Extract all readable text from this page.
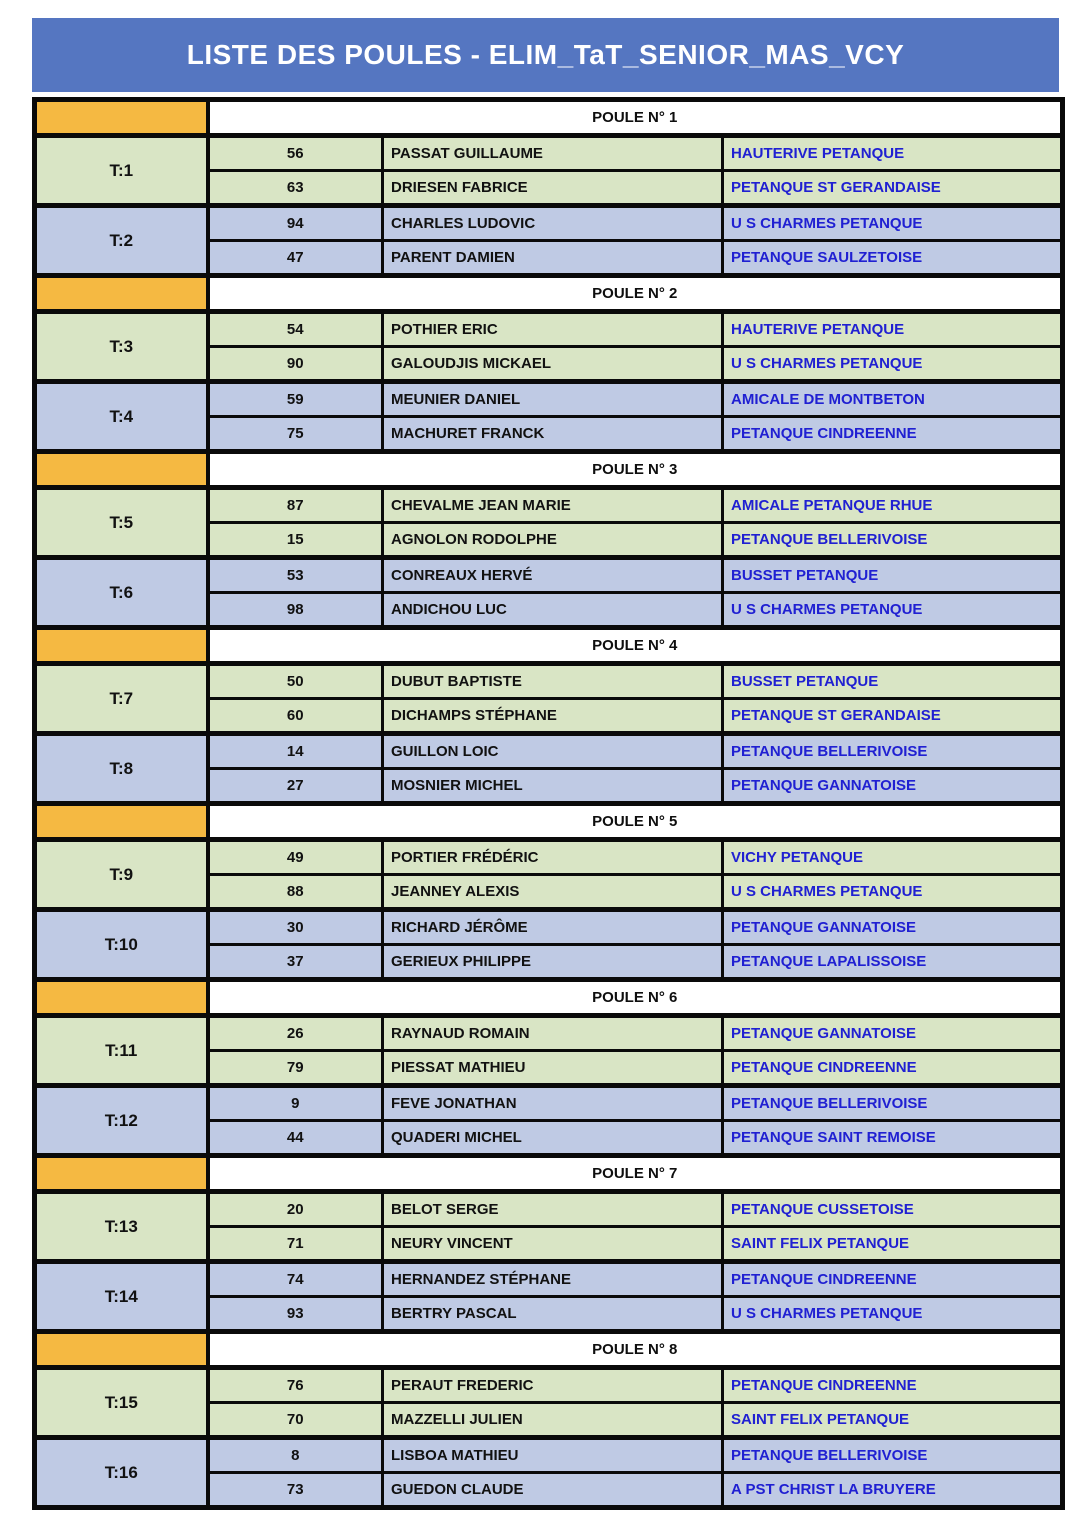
LISTE DES POULES - ELIM_TaT_SENIOR_MAS_VCY
	POULE N° 1		
T:1	56	PASSAT GUILLAUME	HAUTERIVE PETANQUE
	63	DRIESEN FABRICE	PETANQUE ST GERANDAISE
T:2	94	CHARLES LUDOVIC	U S CHARMES PETANQUE
	47	PARENT DAMIEN	PETANQUE SAULZETOISE
	POULE N° 2		
T:3	54	POTHIER ERIC	HAUTERIVE PETANQUE
	90	GALOUDJIS MICKAEL	U S CHARMES PETANQUE
T:4	59	MEUNIER DANIEL	AMICALE DE MONTBETON
	75	MACHURET FRANCK	PETANQUE CINDREENNE
	POULE N° 3		
T:5	87	CHEVALME JEAN MARIE	AMICALE PETANQUE RHUE
	15	AGNOLON RODOLPHE	PETANQUE BELLERIVOISE
T:6	53	CONREAUX HERVÉ	BUSSET PETANQUE
	98	ANDICHOU LUC	U S CHARMES PETANQUE
	POULE N° 4		
T:7	50	DUBUT BAPTISTE	BUSSET PETANQUE
	60	DICHAMPS STÉPHANE	PETANQUE ST GERANDAISE
T:8	14	GUILLON LOIC	PETANQUE BELLERIVOISE
	27	MOSNIER MICHEL	PETANQUE GANNATOISE
	POULE N° 5		
T:9	49	PORTIER FRÉDÉRIC	VICHY PETANQUE
	88	JEANNEY ALEXIS	U S CHARMES PETANQUE
T:10	30	RICHARD JÉRÔME	PETANQUE GANNATOISE
	37	GERIEUX PHILIPPE	PETANQUE LAPALISSOISE
	POULE N° 6		
T:11	26	RAYNAUD ROMAIN	PETANQUE GANNATOISE
	79	PIESSAT MATHIEU	PETANQUE CINDREENNE
T:12	9	FEVE JONATHAN	PETANQUE BELLERIVOISE
	44	QUADERI MICHEL	PETANQUE SAINT REMOISE
	POULE N° 7		
T:13	20	BELOT SERGE	PETANQUE CUSSETOISE
	71	NEURY VINCENT	SAINT FELIX PETANQUE
T:14	74	HERNANDEZ STÉPHANE	PETANQUE CINDREENNE
	93	BERTRY PASCAL	U S CHARMES PETANQUE
	POULE N° 8		
T:15	76	PERAUT FREDERIC	PETANQUE CINDREENNE
	70	MAZZELLI JULIEN	SAINT FELIX PETANQUE
T:16	8	LISBOA MATHIEU	PETANQUE BELLERIVOISE
	73	GUEDON CLAUDE	A PST CHRIST LA BRUYERE
